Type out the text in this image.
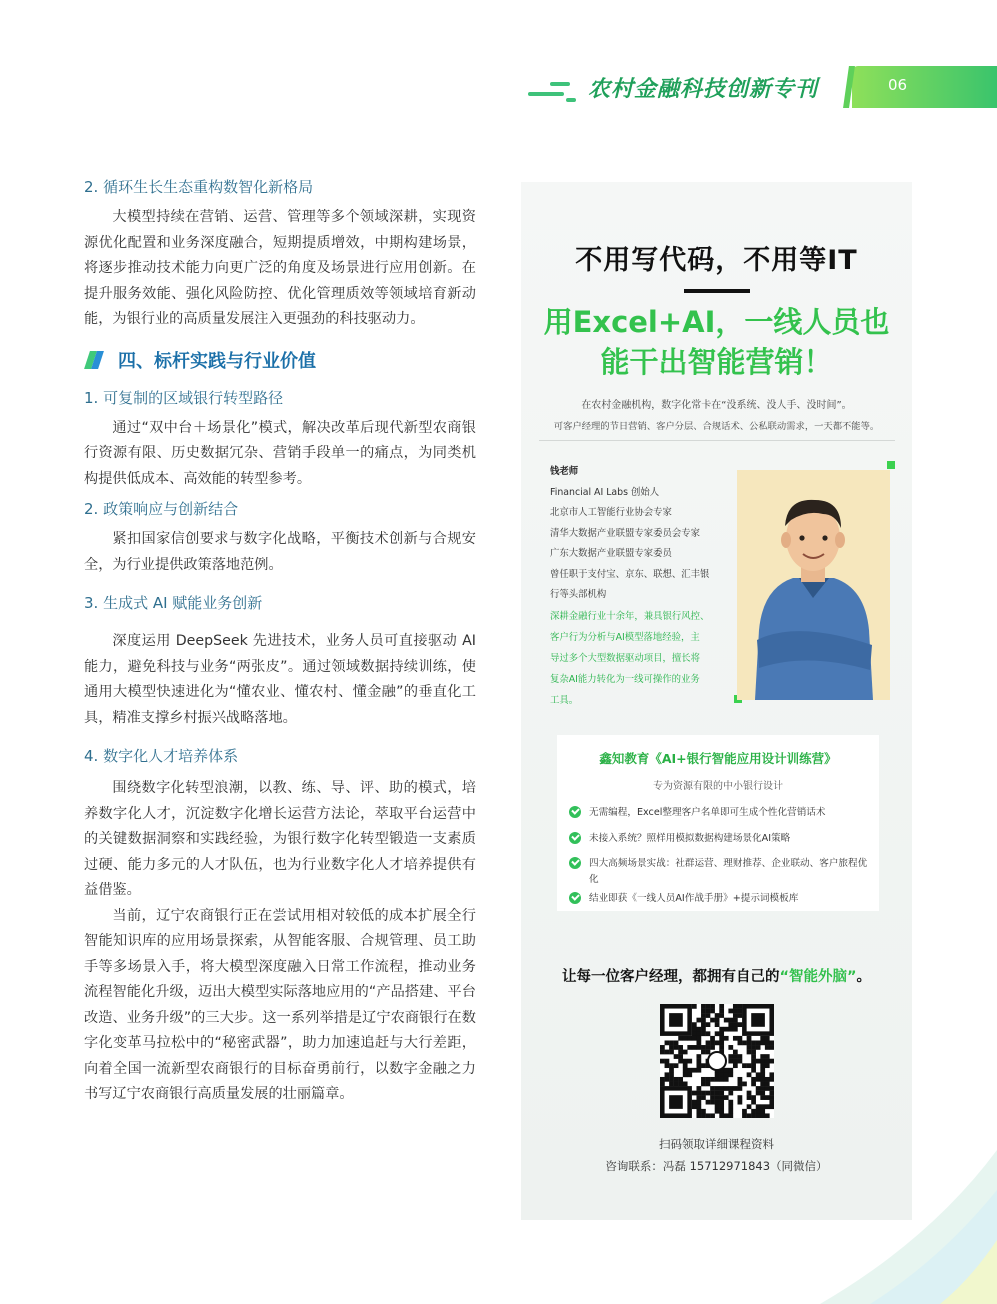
农村金融科技创新专刊	06
2. 循环生长生态重构数智化新格局
大模型持续在营销、运营、管理等多个领域深耕，实现资源优化配置和业务深度融合，短期提质增效，中期构建场景，将逐步推动技术能力向更广泛的角度及场景进行应用创新。在提升服务效能、强化风险防控、优化管理质效等领域培育新动能，为银行业的高质量发展注入更强劲的科技驱动力。
四、标杆实践与行业价值
1. 可复制的区域银行转型路径
通过“双中台＋场景化”模式，解决改革后现代新型农商银行资源有限、历史数据冗杂、营销手段单一的痛点，为同类机构提供低成本、高效能的转型参考。
2. 政策响应与创新结合
紧扣国家信创要求与数字化战略，平衡技术创新与合规安全，为行业提供政策落地范例。
3. 生成式 AI 赋能业务创新
深度运用 DeepSeek 先进技术，业务人员可直接驱动 AI 能力，避免科技与业务“两张皮”。通过领域数据持续训练，使通用大模型快速进化为“懂农业、懂农村、懂金融”的垂直化工具，精准支撑乡村振兴战略落地。
4. 数字化人才培养体系
围绕数字化转型浪潮，以教、练、导、评、助的模式，培养数字化人才，沉淀数字化增长运营方法论，萃取平台运营中的关键数据洞察和实践经验，为银行数字化转型锻造一支素质过硬、能力多元的人才队伍，也为行业数字化人才培养提供有益借鉴。
当前，辽宁农商银行正在尝试用相对较低的成本扩展全行智能知识库的应用场景探索，从智能客服、合规管理、员工助手等多场景入手，将大模型深度融入日常工作流程，推动业务流程智能化升级，迈出大模型实际落地应用的“产品搭建、平台改造、业务升级”的三大步。这一系列举措是辽宁农商银行在数字化变革马拉松中的“秘密武器”，助力加速追赶与大行差距，向着全国一流新型农商银行的目标奋勇前行，以数字金融之力书写辽宁农商银行高质量发展的壮丽篇章。
不用写代码，不用等IT
用Excel+AI，一线人员也
能干出智能营销！
在农村金融机构，数字化常卡在“没系统、没人手、没时间”。
可客户经理的节日营销、客户分层、合规话术、公私联动需求，一天都不能等。
钱老师
Financial AI Labs 创始人
北京市人工智能行业协会专家
清华大数据产业联盟专家委员会专家
广东大数据产业联盟专家委员
曾任职于支付宝、京东、联想、汇丰银
行等头部机构
深耕金融行业十余年，兼具银行风控、
客户行为分析与AI模型落地经验，主
导过多个大型数据驱动项目，擅长将
复杂AI能力转化为一线可操作的业务
工具。
鑫知教育《AI+银行智能应用设计训练营》
专为资源有限的中小银行设计
无需编程，Excel整理客户名单即可生成个性化营销话术
未接入系统？照样用模拟数据构建场景化AI策略
四大高频场景实战：社群运营、理财推荐、企业联动、客户旅程优化
结业即获《一线人员AI作战手册》+提示词模板库
让每一位客户经理，都拥有自己的“智能外脑”。
扫码领取详细课程资料
咨询联系：冯磊 15712971843（同微信）
